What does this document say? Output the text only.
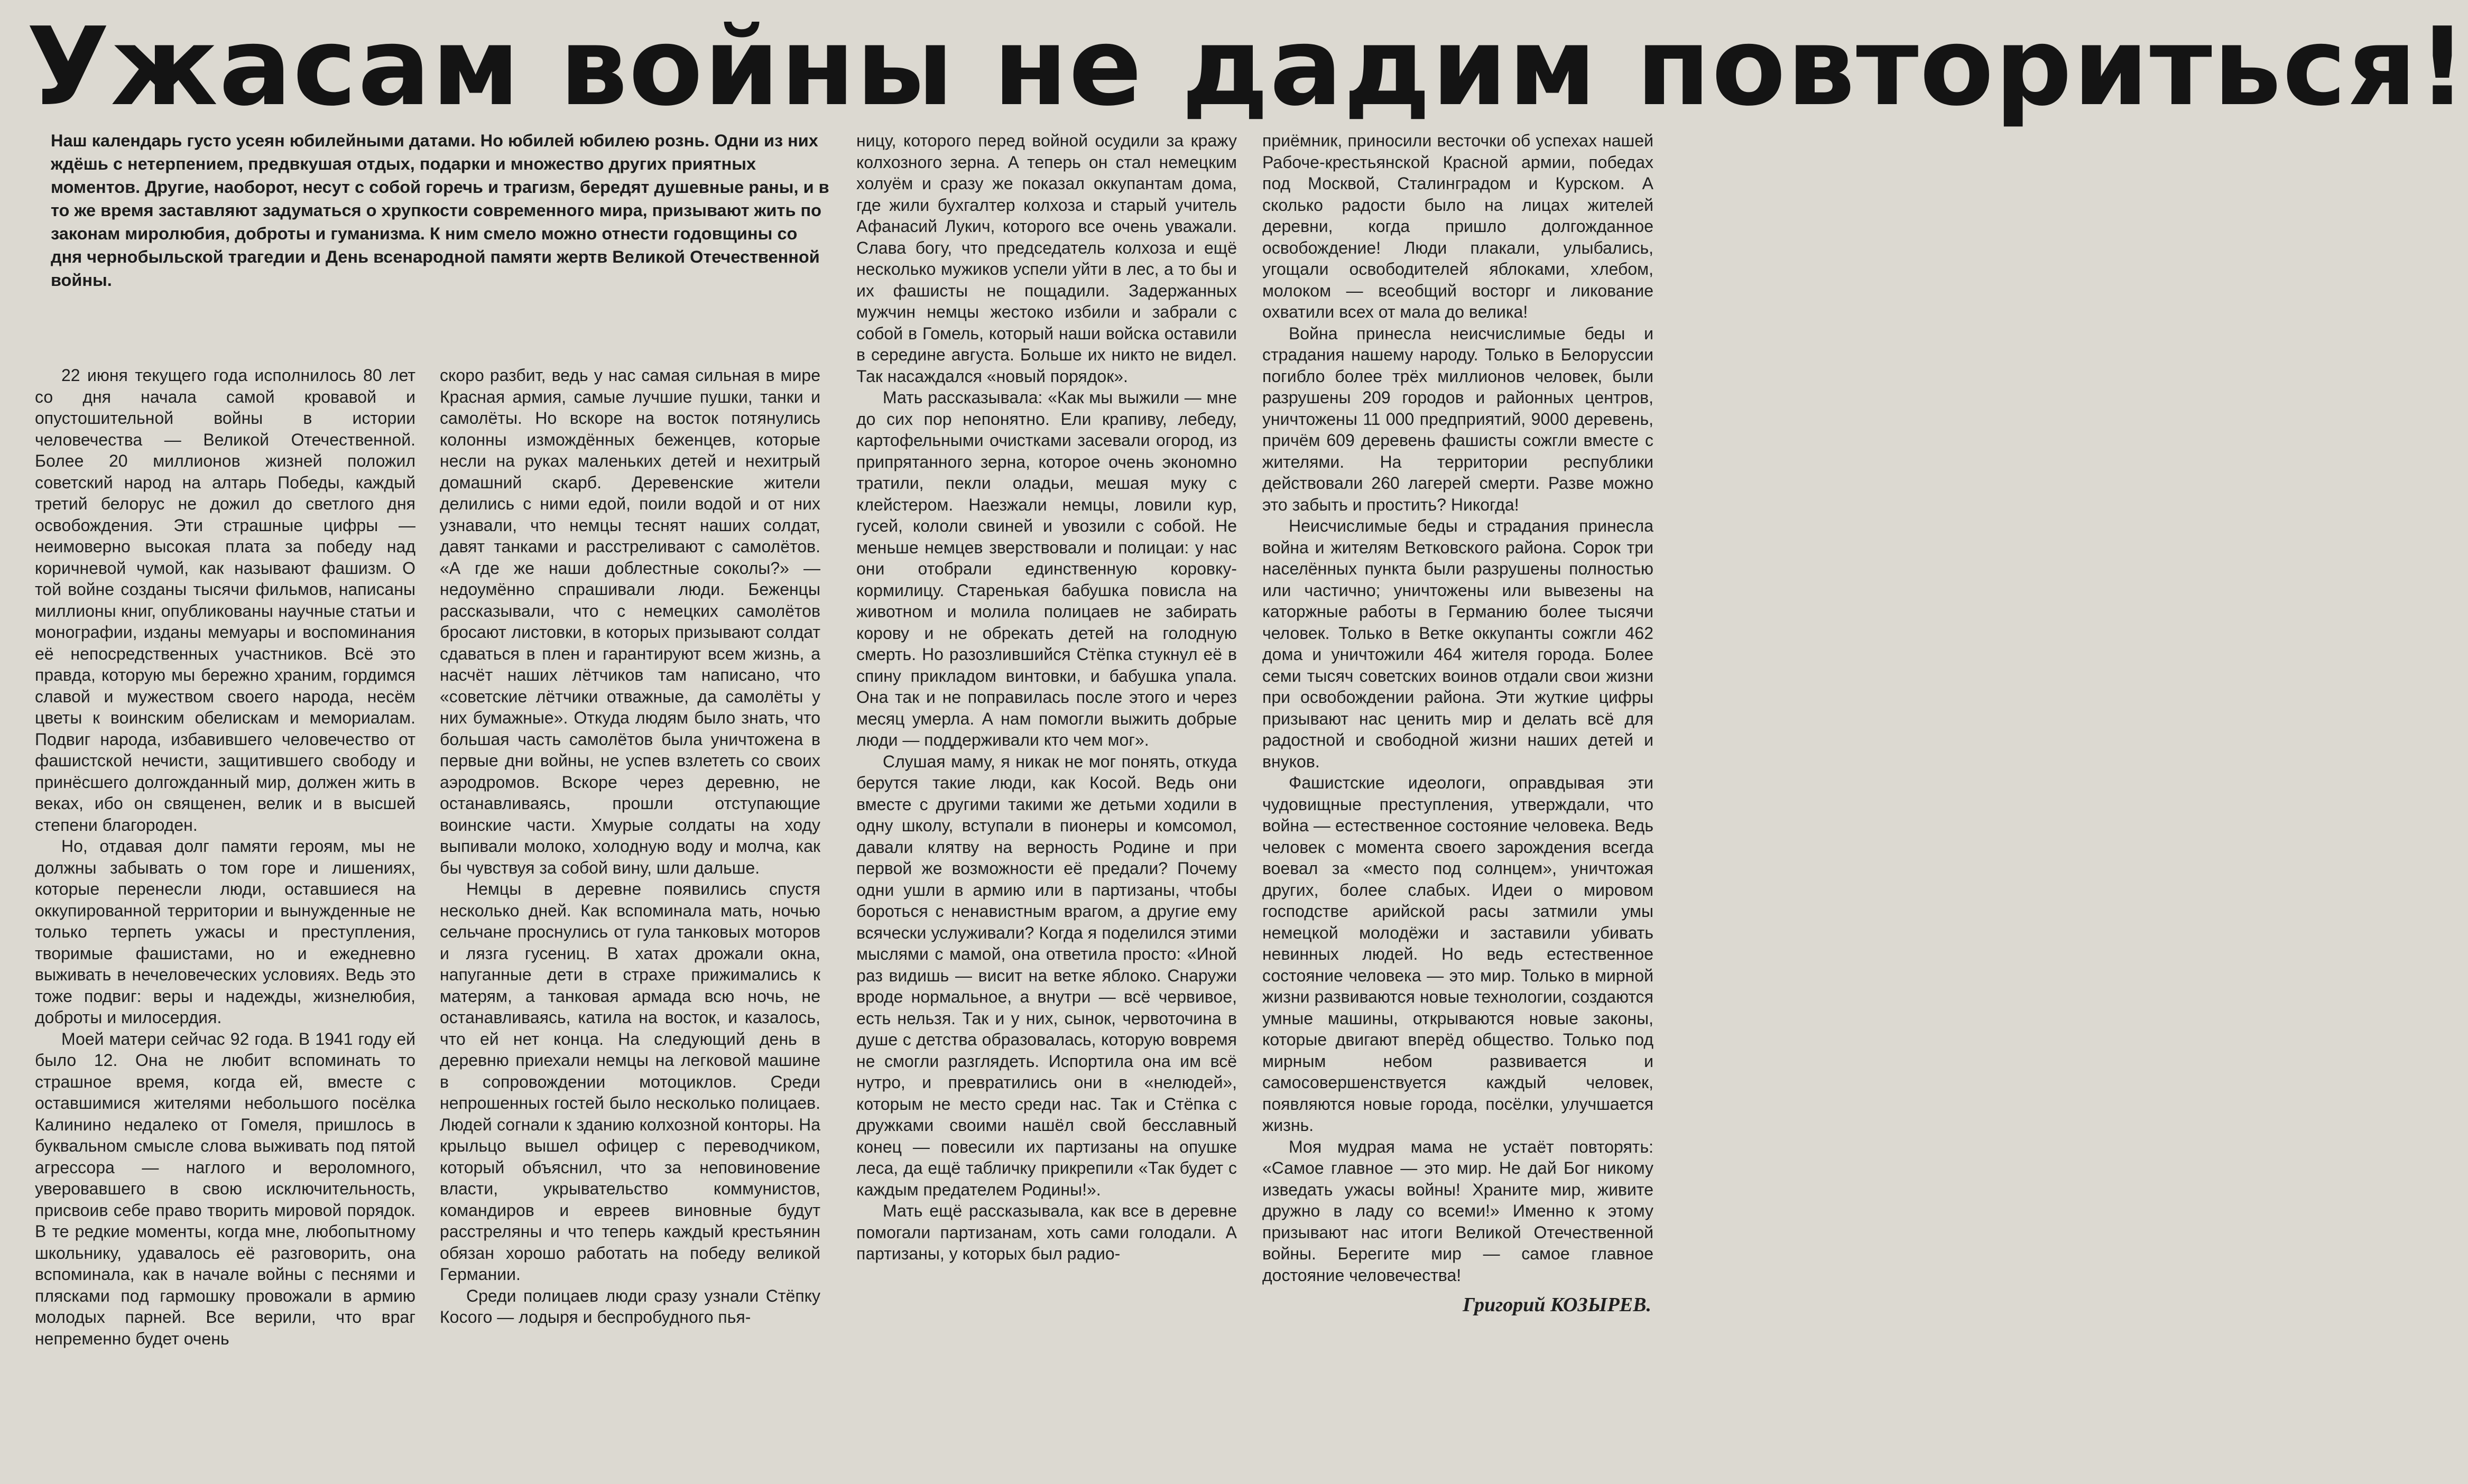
Ужасам войны не дадим повториться!
Наш календарь густо усеян юбилейными датами. Но юбилей юбилею рознь. Одни из них ждёшь с нетерпением, предвкушая отдых, подарки и множество других приятных моментов. Другие, наоборот, несут с собой горечь и трагизм, бередят душевные раны, и в то же время заставляют задуматься о хрупкости современного мира, призывают жить по законам миролюбия, доброты и гуманизма. К ним смело можно отнести годовщины со дня чернобыльской трагедии и День всенародной памяти жертв Великой Отечественной войны.

22 июня текущего года исполнилось 80 лет со дня начала самой кровавой и опустошительной войны в истории человечества — Великой Отечественной. Более 20 миллионов жизней положил советский народ на алтарь Победы, каждый третий белорус не дожил до светлого дня освобождения. Эти страшные цифры — неимоверно высокая плата за победу над коричневой чумой, как называют фашизм. О той войне созданы тысячи фильмов, написаны миллионы книг, опубликованы научные статьи и монографии, изданы мемуары и воспоминания её непосредственных участников. Всё это правда, которую мы бережно храним, гордимся славой и мужеством своего народа, несём цветы к воинским обелискам и мемориалам. Подвиг народа, избавившего человечество от фашистской нечисти, защитившего свободу и принёсшего долгожданный мир, должен жить в веках, ибо он священен, велик и в высшей степени благороден.

Но, отдавая долг памяти героям, мы не должны забывать о том горе и лишениях, которые перенесли люди, оставшиеся на оккупированной территории и вынужденные не только терпеть ужасы и преступления, творимые фашистами, но и ежедневно выживать в нечеловеческих условиях. Ведь это тоже подвиг: веры и надежды, жизнелюбия, доброты и милосердия.

Моей матери сейчас 92 года. В 1941 году ей было 12. Она не любит вспоминать то страшное время, когда ей, вместе с оставшимися жителями небольшого посёлка Калинино недалеко от Гомеля, пришлось в буквальном смысле слова выживать под пятой агрессора — наглого и вероломного, уверовавшего в свою исключительность, присвоив себе право творить мировой порядок. В те редкие моменты, когда мне, любопытному школьнику, удавалось её разговорить, она вспоминала, как в начале войны с песнями и плясками под гармошку провожали в армию молодых парней. Все верили, что враг непременно будет очень

скоро разбит, ведь у нас самая сильная в мире Красная армия, самые лучшие пушки, танки и самолёты. Но вскоре на восток потянулись колонны измождённых беженцев, которые несли на руках маленьких детей и нехитрый домашний скарб. Деревенские жители делились с ними едой, поили водой и от них узнавали, что немцы теснят наших солдат, давят танками и расстреливают с самолётов. «А где же наши доблестные соколы?» — недоумённо спрашивали люди. Беженцы рассказывали, что с немецких самолётов бросают листовки, в которых призывают солдат сдаваться в плен и гарантируют всем жизнь, а насчёт наших лётчиков там написано, что «советские лётчики отважные, да самолёты у них бумажные». Откуда людям было знать, что большая часть самолётов была уничтожена в первые дни войны, не успев взлететь со своих аэродромов. Вскоре через деревню, не останавливаясь, прошли отступающие воинские части. Хмурые солдаты на ходу выпивали молоко, холодную воду и молча, как бы чувствуя за собой вину, шли дальше.

Немцы в деревне появились спустя несколько дней. Как вспоминала мать, ночью сельчане проснулись от гула танковых моторов и лязга гусениц. В хатах дрожали окна, напуганные дети в страхе прижимались к матерям, а танковая армада всю ночь, не останавливаясь, катила на восток, и казалось, что ей нет конца. На следующий день в деревню приехали немцы на легковой машине в сопровождении мотоциклов. Среди непрошенных гостей было несколько полицаев. Людей согнали к зданию колхозной конторы. На крыльцо вышел офицер с переводчиком, который объяснил, что за неповиновение власти, укрывательство коммунистов, командиров и евреев виновные будут расстреляны и что теперь каждый крестьянин обязан хорошо работать на победу великой Германии.

Среди полицаев люди сразу узнали Стёпку Косого — лодыря и беспробудного пья-

ницу, которого перед войной осудили за кражу колхозного зерна. А теперь он стал немецким холуём и сразу же показал оккупантам дома, где жили бухгалтер колхоза и старый учитель Афанасий Лукич, которого все очень уважали. Слава богу, что председатель колхоза и ещё несколько мужиков успели уйти в лес, а то бы и их фашисты не пощадили. Задержанных мужчин немцы жестоко избили и забрали с собой в Гомель, который наши войска оставили в середине августа. Больше их никто не видел. Так насаждался «новый порядок».

Мать рассказывала: «Как мы выжили — мне до сих пор непонятно. Ели крапиву, лебеду, картофельными очистками засевали огород, из припрятанного зерна, которое очень экономно тратили, пекли оладьи, мешая муку с клейстером. Наезжали немцы, ловили кур, гусей, кололи свиней и увозили с собой. Не меньше немцев зверствовали и полицаи: у нас они отобрали единственную коровку-кормилицу. Старенькая бабушка повисла на животном и молила полицаев не забирать корову и не обрекать детей на голодную смерть. Но разозлившийся Стёпка стукнул её в спину прикладом винтовки, и бабушка упала. Она так и не поправилась после этого и через месяц умерла. А нам помогли выжить добрые люди — поддерживали кто чем мог».

Слушая маму, я никак не мог понять, откуда берутся такие люди, как Косой. Ведь они вместе с другими такими же детьми ходили в одну школу, вступали в пионеры и комсомол, давали клятву на верность Родине и при первой же возможности её предали? Почему одни ушли в армию или в партизаны, чтобы бороться с ненавистным врагом, а другие ему всячески услуживали? Когда я поделился этими мыслями с мамой, она ответила просто: «Иной раз видишь — висит на ветке яблоко. Снаружи вроде нормальное, а внутри — всё червивое, есть нельзя. Так и у них, сынок, червоточина в душе с детства образовалась, которую вовремя не смогли разглядеть. Испортила она им всё нутро, и превратились они в «нелюдей», которым не место среди нас. Так и Стёпка с дружками своими нашёл свой бесславный конец — повесили их партизаны на опушке леса, да ещё табличку прикрепили «Так будет с каждым предателем Родины!».

Мать ещё рассказывала, как все в деревне помогали партизанам, хоть сами голодали. А партизаны, у которых был радио-

приёмник, приносили весточки об успехах нашей Рабоче-крестьянской Красной армии, победах под Москвой, Сталинградом и Курском. А сколько радости было на лицах жителей деревни, когда пришло долгожданное освобождение! Люди плакали, улыбались, угощали освободителей яблоками, хлебом, молоком — всеобщий восторг и ликование охватили всех от мала до велика!

Война принесла неисчислимые беды и страдания нашему народу. Только в Белоруссии погибло более трёх миллионов человек, были разрушены 209 городов и районных центров, уничтожены 11 000 предприятий, 9000 деревень, причём 609 деревень фашисты сожгли вместе с жителями. На территории республики действовали 260 лагерей смерти. Разве можно это забыть и простить? Никогда!

Неисчислимые беды и страдания принесла война и жителям Ветковского района. Сорок три населённых пункта были разрушены полностью или частично; уничтожены или вывезены на каторжные работы в Германию более тысячи человек. Только в Ветке оккупанты сожгли 462 дома и уничтожили 464 жителя города. Более семи тысяч советских воинов отдали свои жизни при освобождении района. Эти жуткие цифры призывают нас ценить мир и делать всё для радостной и свободной жизни наших детей и внуков.

Фашистские идеологи, оправдывая эти чудовищные преступления, утверждали, что война — естественное состояние человека. Ведь человек с момента своего зарождения всегда воевал за «место под солнцем», уничтожая других, более слабых. Идеи о мировом господстве арийской расы затмили умы немецкой молодёжи и заставили убивать невинных людей. Но ведь естественное состояние человека — это мир. Только в мирной жизни развиваются новые технологии, создаются умные машины, открываются новые законы, которые двигают вперёд общество. Только под мирным небом развивается и самосовершенствуется каждый человек, появляются новые города, посёлки, улучшается жизнь.

Моя мудрая мама не устаёт повторять: «Самое главное — это мир. Не дай Бог никому изведать ужасы войны! Храните мир, живите дружно в ладу со всеми!» Именно к этому призывают нас итоги Великой Отечественной войны. Берегите мир — самое главное достояние человечества!

Григорий КОЗЫРЕВ.
